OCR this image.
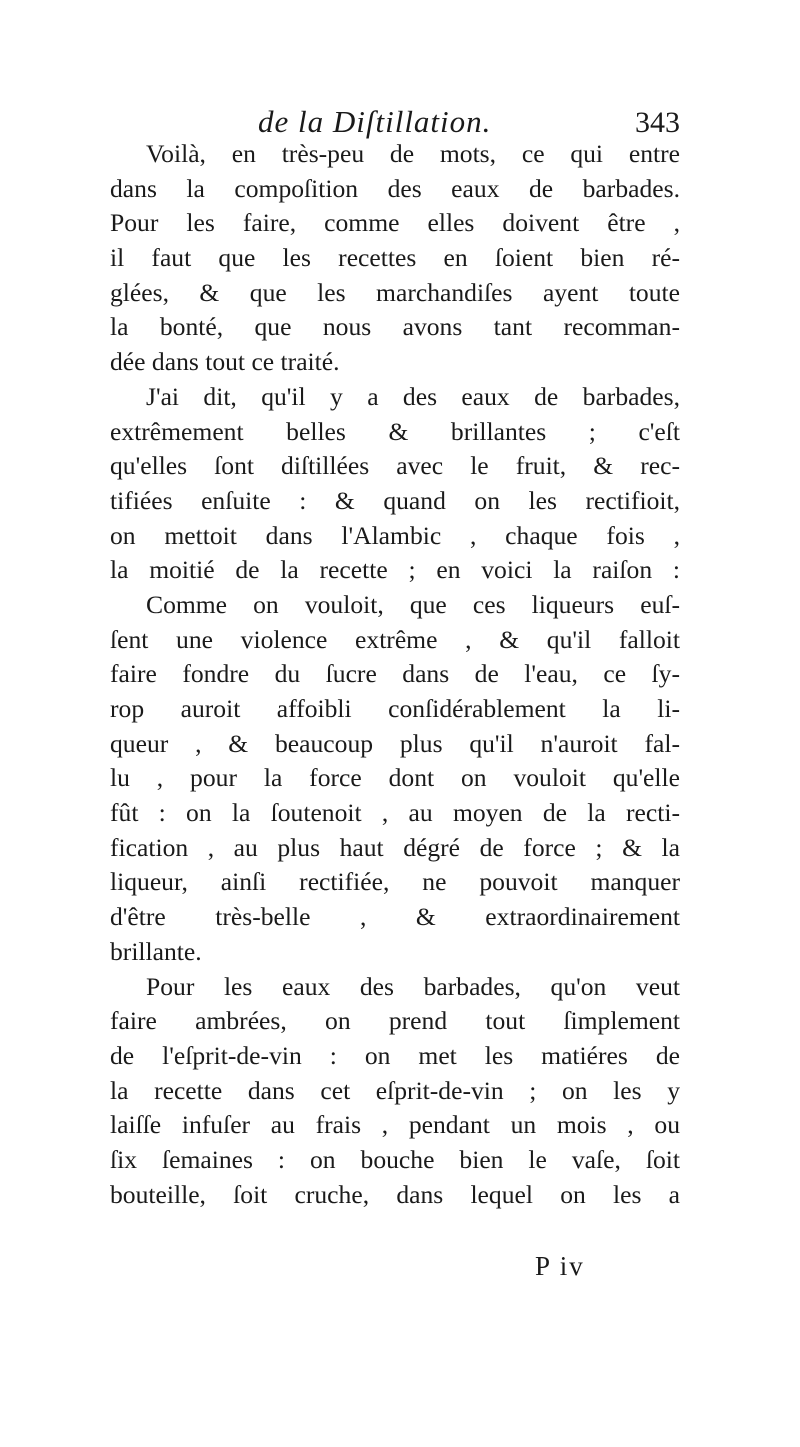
de la Diſtillation.	343
Voilà, en très-peu de mots, ce qui entre
dans la compoſition des eaux de barbades.
Pour les faire, comme elles doivent être ,
il faut que les recettes en ſoient bien ré-
glées, & que les marchandiſes ayent toute
la bonté, que nous avons tant recomman-
dée dans tout ce traité.
J'ai dit, qu'il y a des eaux de barbades,
extrêmement belles & brillantes ; c'eſt
qu'elles ſont diſtillées avec le fruit, & rec-
tifiées enſuite : & quand on les rectifioit,
on mettoit dans l'Alambic , chaque fois ,
la moitié de la recette ; en voici la raiſon :
Comme on vouloit, que ces liqueurs euſ-
ſent une violence extrême , & qu'il falloit
faire fondre du ſucre dans de l'eau, ce ſy-
rop auroit affoibli conſidérablement la li-
queur , & beaucoup plus qu'il n'auroit fal-
lu , pour la force dont on vouloit qu'elle
fût : on la ſoutenoit , au moyen de la recti-
fication , au plus haut dégré de force ; & la
liqueur, ainſi rectifiée, ne pouvoit manquer
d'être très-belle , & extraordinairement
brillante.
Pour les eaux des barbades, qu'on veut
faire ambrées, on prend tout ſimplement
de l'eſprit-de-vin : on met les matiéres de
la recette dans cet eſprit-de-vin ; on les y
laiſſe infuſer au frais , pendant un mois , ou
ſix ſemaines : on bouche bien le vaſe, ſoit
bouteille, ſoit cruche, dans lequel on les a
P iv
